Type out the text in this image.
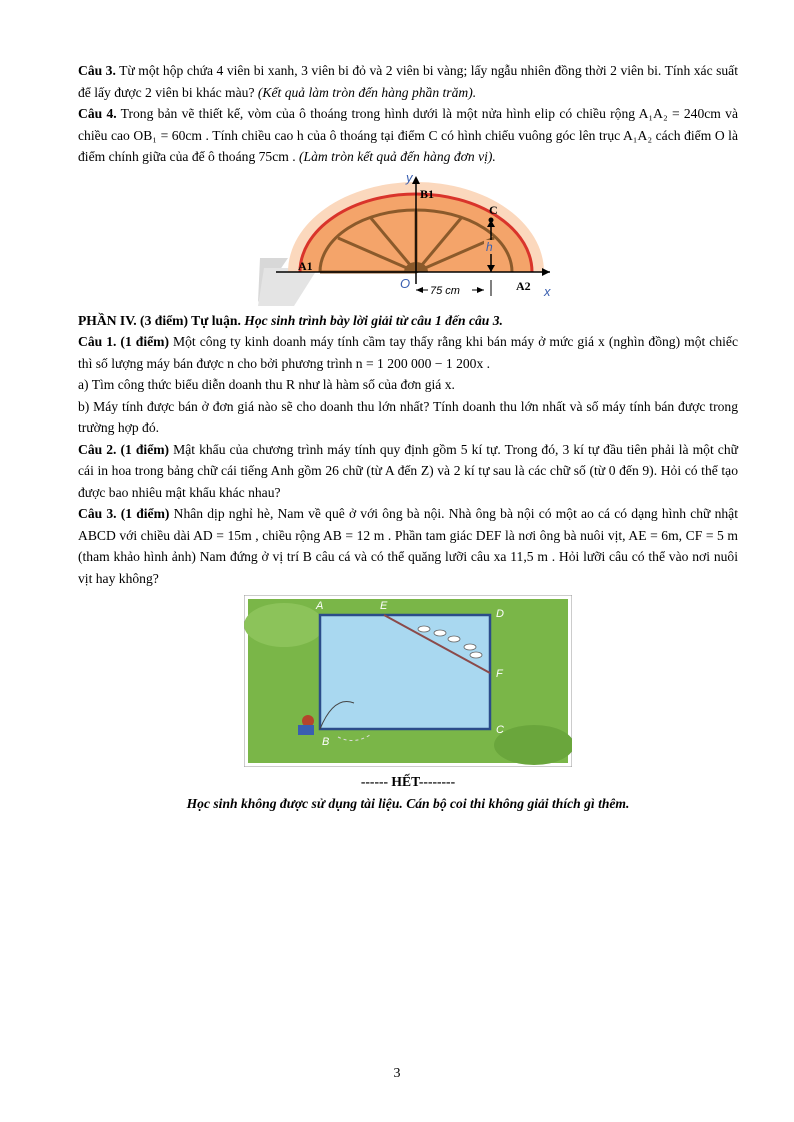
Câu 3. Từ một hộp chứa 4 viên bi xanh, 3 viên bi đỏ và 2 viên bi vàng; lấy ngẫu nhiên đồng thời 2 viên bi. Tính xác suất để lấy được 2 viên bi khác màu? (Kết quả làm tròn đến hàng phần trăm).

Câu 4. Trong bản vẽ thiết kế, vòm của ô thoáng trong hình dưới là một nửa hình elip có chiều rộng A₁A₂ = 240cm và chiều cao OB₁ = 60cm . Tính chiều cao h của ô thoáng tại điểm C có hình chiếu vuông góc lên trục A₁A₂ cách điểm O là điểm chính giữa của đế ô thoáng 75cm . (Làm tròn kết quả đến hàng đơn vị).

y
x
B1
C
h
A1
A2
O 75 cm

PHẦN IV. (3 điểm) Tự luận. Học sinh trình bày lời giải từ câu 1 đến câu 3.

Câu 1. (1 điểm) Một công ty kinh doanh máy tính cầm tay thấy rằng khi bán máy ở mức giá x (nghìn đồng) một chiếc thì số lượng máy bán được n cho bởi phương trình n = 1 200 000 − 1 200x .

a) Tìm công thức biểu diễn doanh thu R như là hàm số của đơn giá x.

b) Máy tính được bán ở đơn giá nào sẽ cho doanh thu lớn nhất? Tính doanh thu lớn nhất và số máy tính bán được trong trường hợp đó.

Câu 2. (1 điểm) Mật khẩu của chương trình máy tính quy định gồm 5 kí tự. Trong đó, 3 kí tự đầu tiên phải là một chữ cái in hoa trong bảng chữ cái tiếng Anh gồm 26 chữ (từ A đến Z) và 2 kí tự sau là các chữ số (từ 0 đến 9). Hỏi có thể tạo được bao nhiêu mật khẩu khác nhau?

Câu 3. (1 điểm) Nhân dịp nghỉ hè, Nam về quê ở với ông bà nội. Nhà ông bà nội có một ao cá có dạng hình chữ nhật ABCD với chiều dài AD = 15m , chiều rộng AB = 12 m . Phần tam giác DEF là nơi ông bà nuôi vịt, AE = 6m, CF = 5 m (tham khảo hình ảnh) Nam đứng ở vị trí B câu cá và có thể quăng lưỡi câu xa 11,5 m . Hỏi lưỡi câu có thể vào nơi nuôi vịt hay không?

A	E
D
F
B
C

------ HẾT--------

Học sinh không được sử dụng tài liệu. Cán bộ coi thi không giải thích gì thêm.

3
